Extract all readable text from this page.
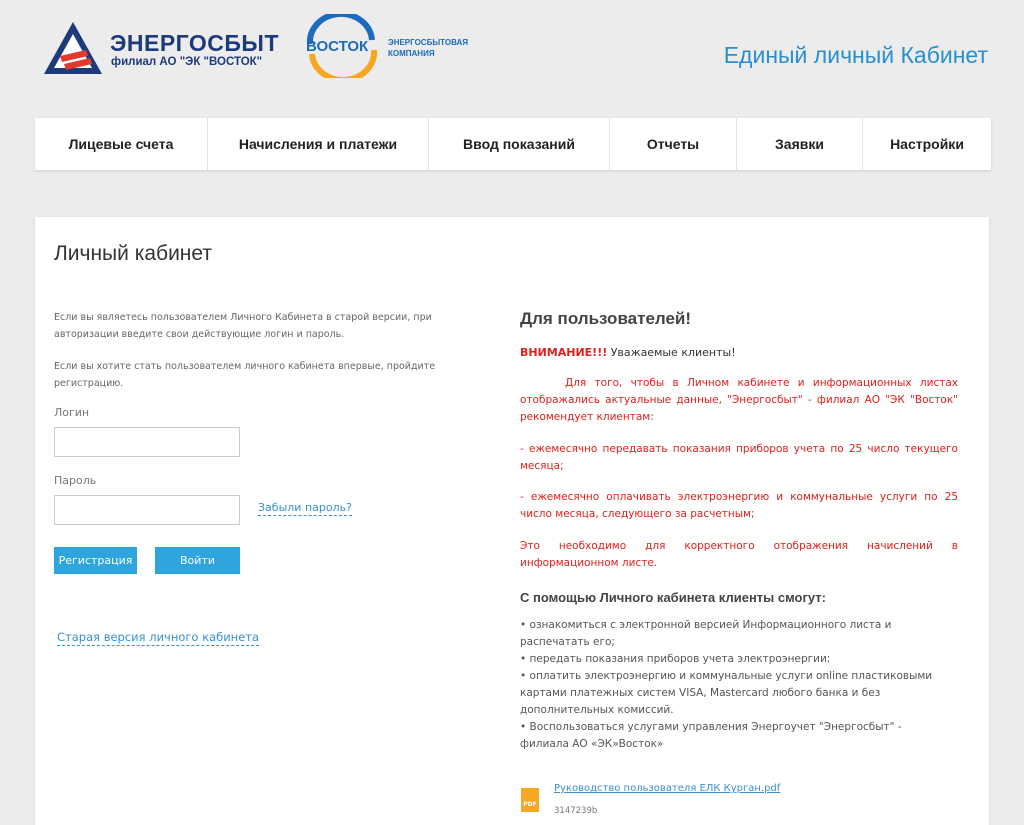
ЭНЕРГОСБЫТ
филиал АО "ЭК "ВОСТОК"
ВОСТОК ЭНЕРГОСБЫТОВАЯ
КОМПАНИЯ	Единый личный Кабинет
Лицевые счета	Начисления и платежи	Ввод показаний	Отчеты	Заявки	Настройки
Личный кабинет
Если вы являетесь пользователем Личного Кабинета в старой версии, при авторизации введите свои действующие логин и пароль.
Если вы хотите стать пользователем личного кабинета впервые, пройдите регистрацию.
Логин
Пароль
Забыли пароль?
Регистрация	Войти
Старая версия личного кабинета
Для пользователей!
ВНИМАНИЕ!!! Уважаемые клиенты!
Для того, чтобы в Личном кабинете и информационных листах отображались актуальные данные, "Энергосбыт" - филиал АО "ЭК "Восток" рекомендует клиентам:
- ежемесячно передавать показания приборов учета по 25 число текущего месяца;
- ежемесячно оплачивать электроэнергию и коммунальные услуги по 25 число месяца, следующего за расчетным;
Это необходимо для корректного отображения начислений в информационном листе.
С помощью Личного кабинета клиенты смогут:
• ознакомиться с электронной версией Информационного листа и распечатать его;
• передать показания приборов учета электроэнергии;
• оплатить электроэнергию и коммунальные услуги online пластиковыми картами платежных систем VISA, Mastercard любого банка и без дополнительных комиссий.
• Воспользоваться услугами управления Энергоучет "Энергосбыт" - филиала АО «ЭК»Восток»
PDF
Руководство пользователя ЕЛК Курган.pdf
3147239b
